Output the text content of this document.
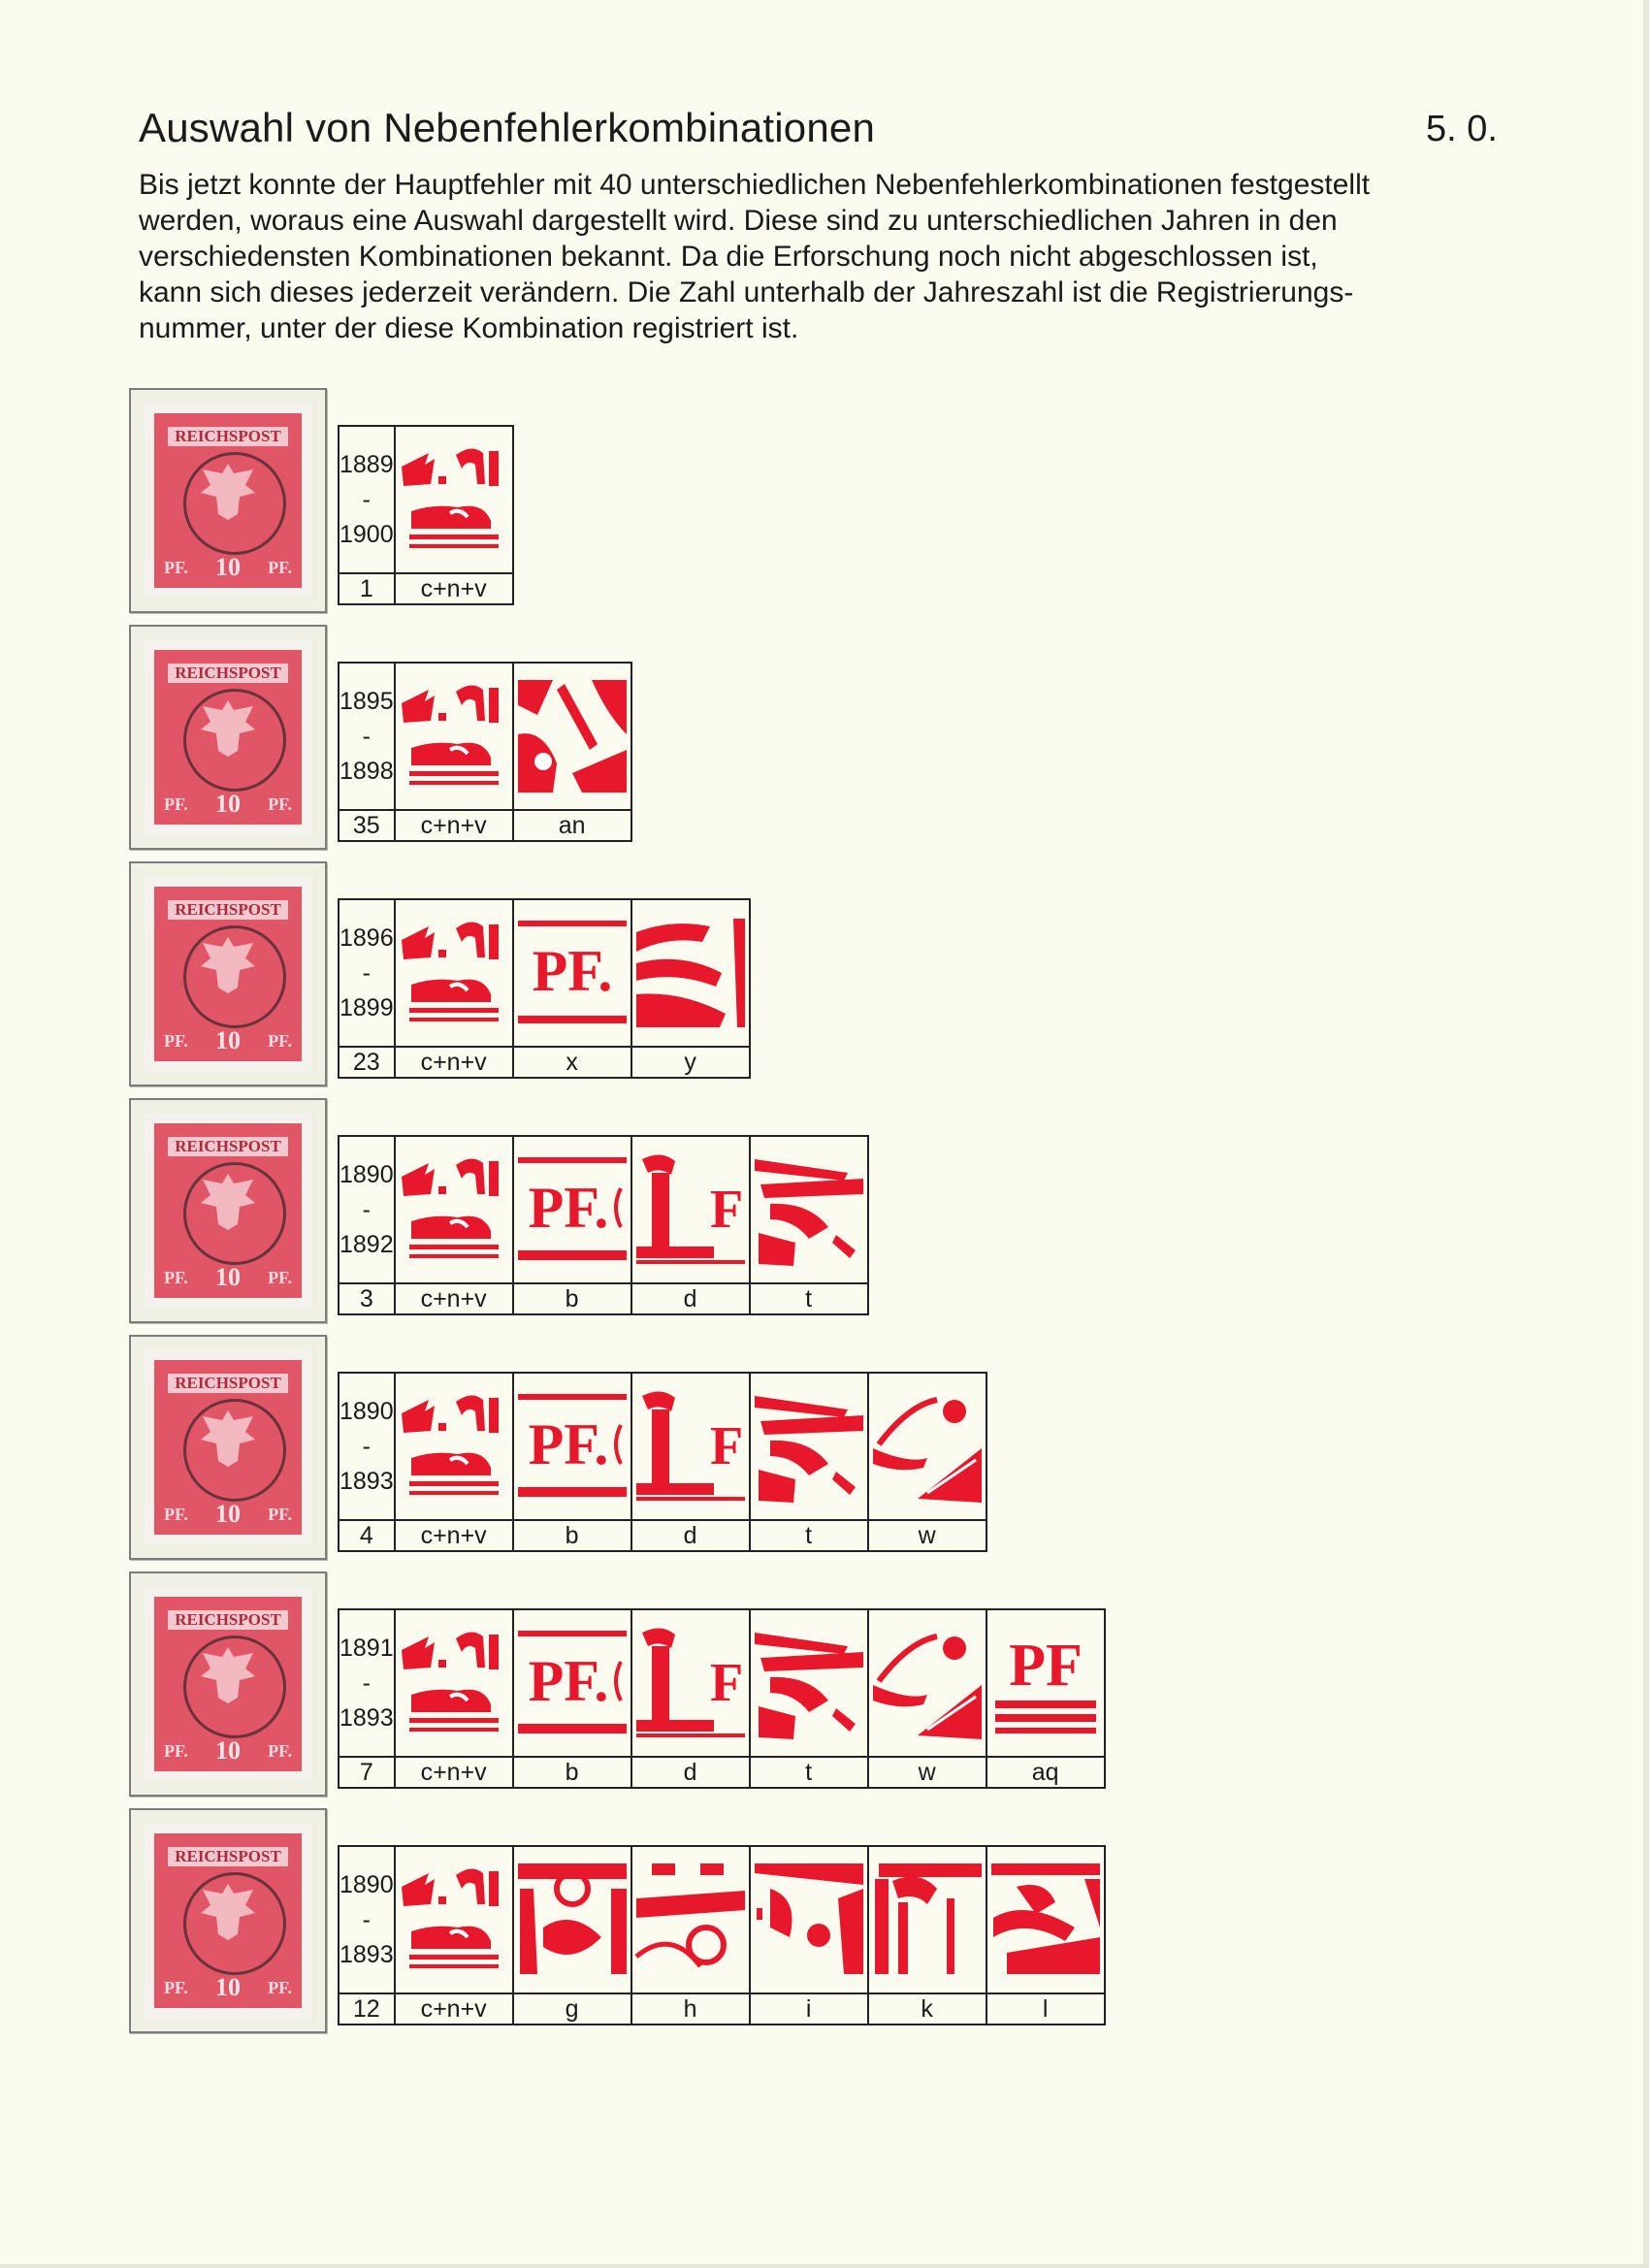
Auswahl von Nebenfehlerkombinationen	5. 0.
Bis jetzt konnte der Hauptfehler mit 40 unterschiedlichen Nebenfehlerkombinationen festgestellt
werden, woraus eine Auswahl dargestellt wird. Diese sind zu unterschiedlichen Jahren in den
verschiedensten Kombinationen bekannt. Da die Erforschung noch nicht abgeschlossen ist,
kann sich dieses jederzeit verändern. Die Zahl unterhalb der Jahreszahl ist die Registrierungs-
nummer, unter der diese Kombination registriert ist.
REICHSPOST
PF. 10 PF.
1889
-
1900

1	c+n+v
REICHSPOST
PF. 10 PF.
1895
-
1898

35	c+n+v	an
REICHSPOST
PF. 10 PF.
1896
-
1899		PF.

23	c+n+v	x	y
REICHSPOST
PF. 10 PF.
1890
-
1892		PF.	F

3	c+n+v	b	d	t
REICHSPOST
PF. 10 PF.
1890
-
1893		PF.	F

4	c+n+v	b	d	t	w
REICHSPOST
PF. 10 PF.
1891
-
1893		PF.	F			PF

7	c+n+v	b	d	t	w	aq
REICHSPOST
PF. 10 PF.
1890
-
1893

12	c+n+v	g	h	i	k	l
